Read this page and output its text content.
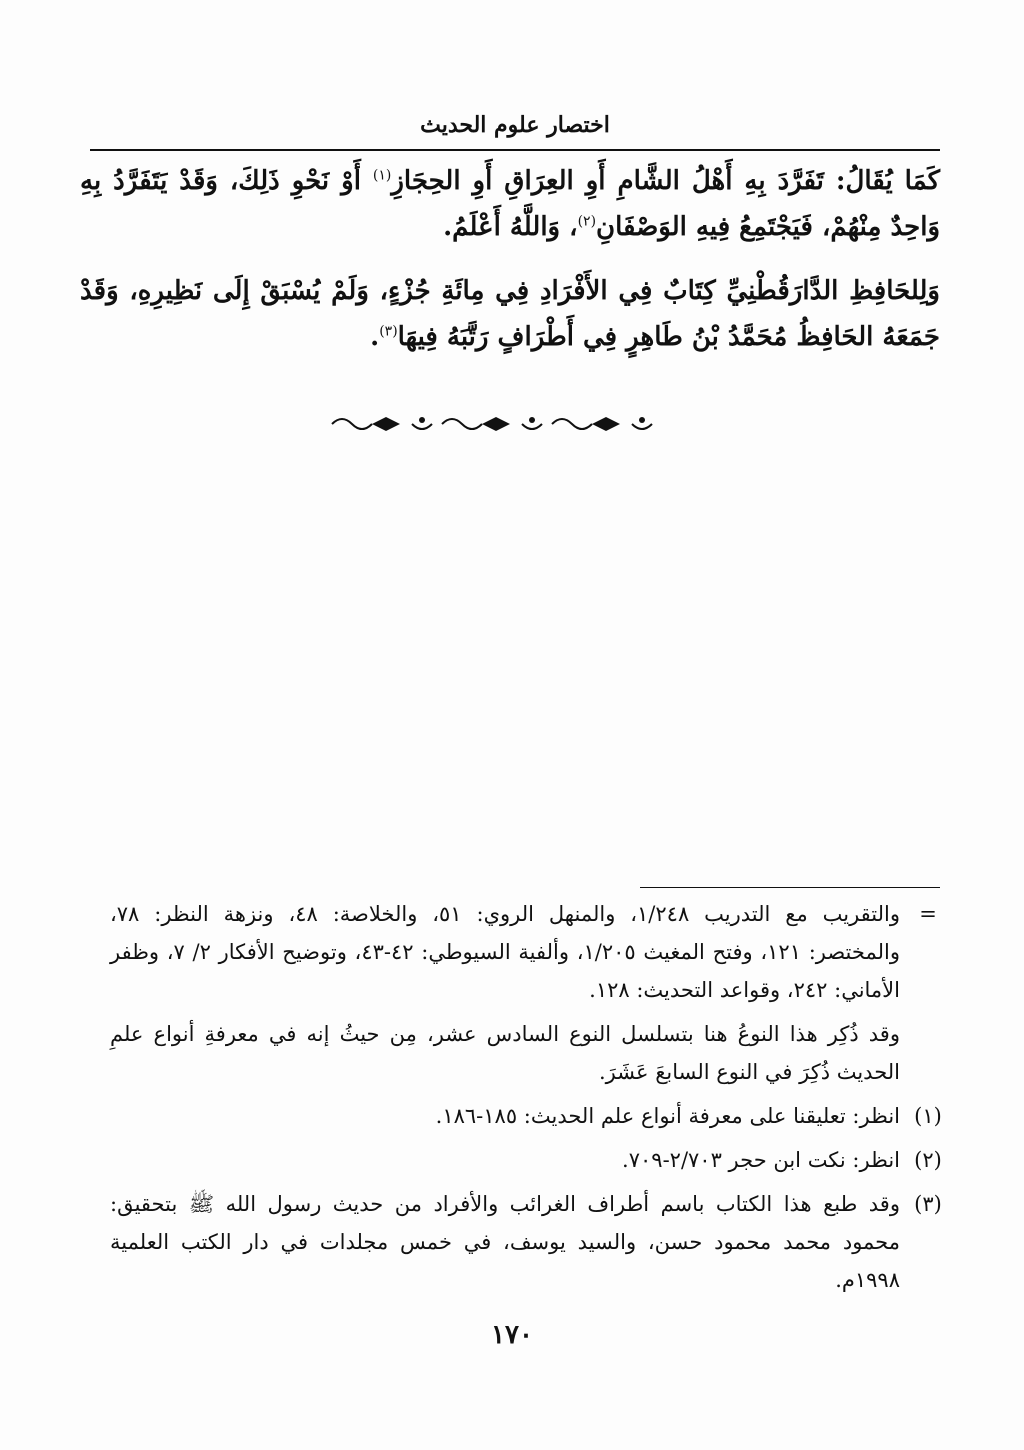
اختصار علوم الحديث

كَمَا يُقَالُ: تَفَرَّدَ بِهِ أَهْلُ الشَّامِ أَوِ العِرَاقِ أَوِ الحِجَازِ$^{(١)}$ أَوْ نَحْوِ ذَلِكَ، وَقَدْ يَتَفَرَّدُ بِهِ وَاحِدٌ مِنْهُمْ، فَيَجْتَمِعُ فِيهِ الوَصْفَانِ$^{(٢)}$، وَاللَّهُ أَعْلَمُ.

وَلِلحَافِظِ الدَّارَقُطْنِيِّ كِتَابٌ فِي الأَفْرَادِ فِي مِائَةِ جُزْءٍ، وَلَمْ يُسْبَقْ إِلَى نَظِيرِهِ، وَقَدْ جَمَعَهُ الحَافِظُ مُحَمَّدُ بْنُ طَاهِرٍ فِي أَطْرَافٍ رَتَّبَهُ فِيهَا$^{(٣)}$.

=
والتقريب مع التدريب ١/٢٤٨، والمنهل الروي: ٥١، والخلاصة: ٤٨، ونزهة النظر: ٧٨، والمختصر: ١٢١، وفتح المغيث ١/٢٠٥، وألفية السيوطي: ٤٢-٤٣، وتوضيح الأفكار ٢/ ٧، وظفر الأماني: ٢٤٢، وقواعد التحديث: ١٢٨.
وقد ذُكِر هذا النوعُ هنا بتسلسل النوع السادس عشر، مِن حيثُ إنه في معرفةِ أنواع علمِ الحديث ذُكِرَ في النوع السابعَ عَشَرَ.
(١)
انظر: تعليقنا على معرفة أنواع علم الحديث: ١٨٥-١٨٦.
(٢)
انظر: نكت ابن حجر ٢/٧٠٣-٧٠٩.
(٣)
وقد طبع هذا الكتاب باسم أطراف الغرائب والأفراد من حديث رسول الله ﷺ بتحقيق: محمود محمد محمود حسن، والسيد يوسف، في خمس مجلدات في دار الكتب العلمية ١٩٩٨م.
١٧٠
